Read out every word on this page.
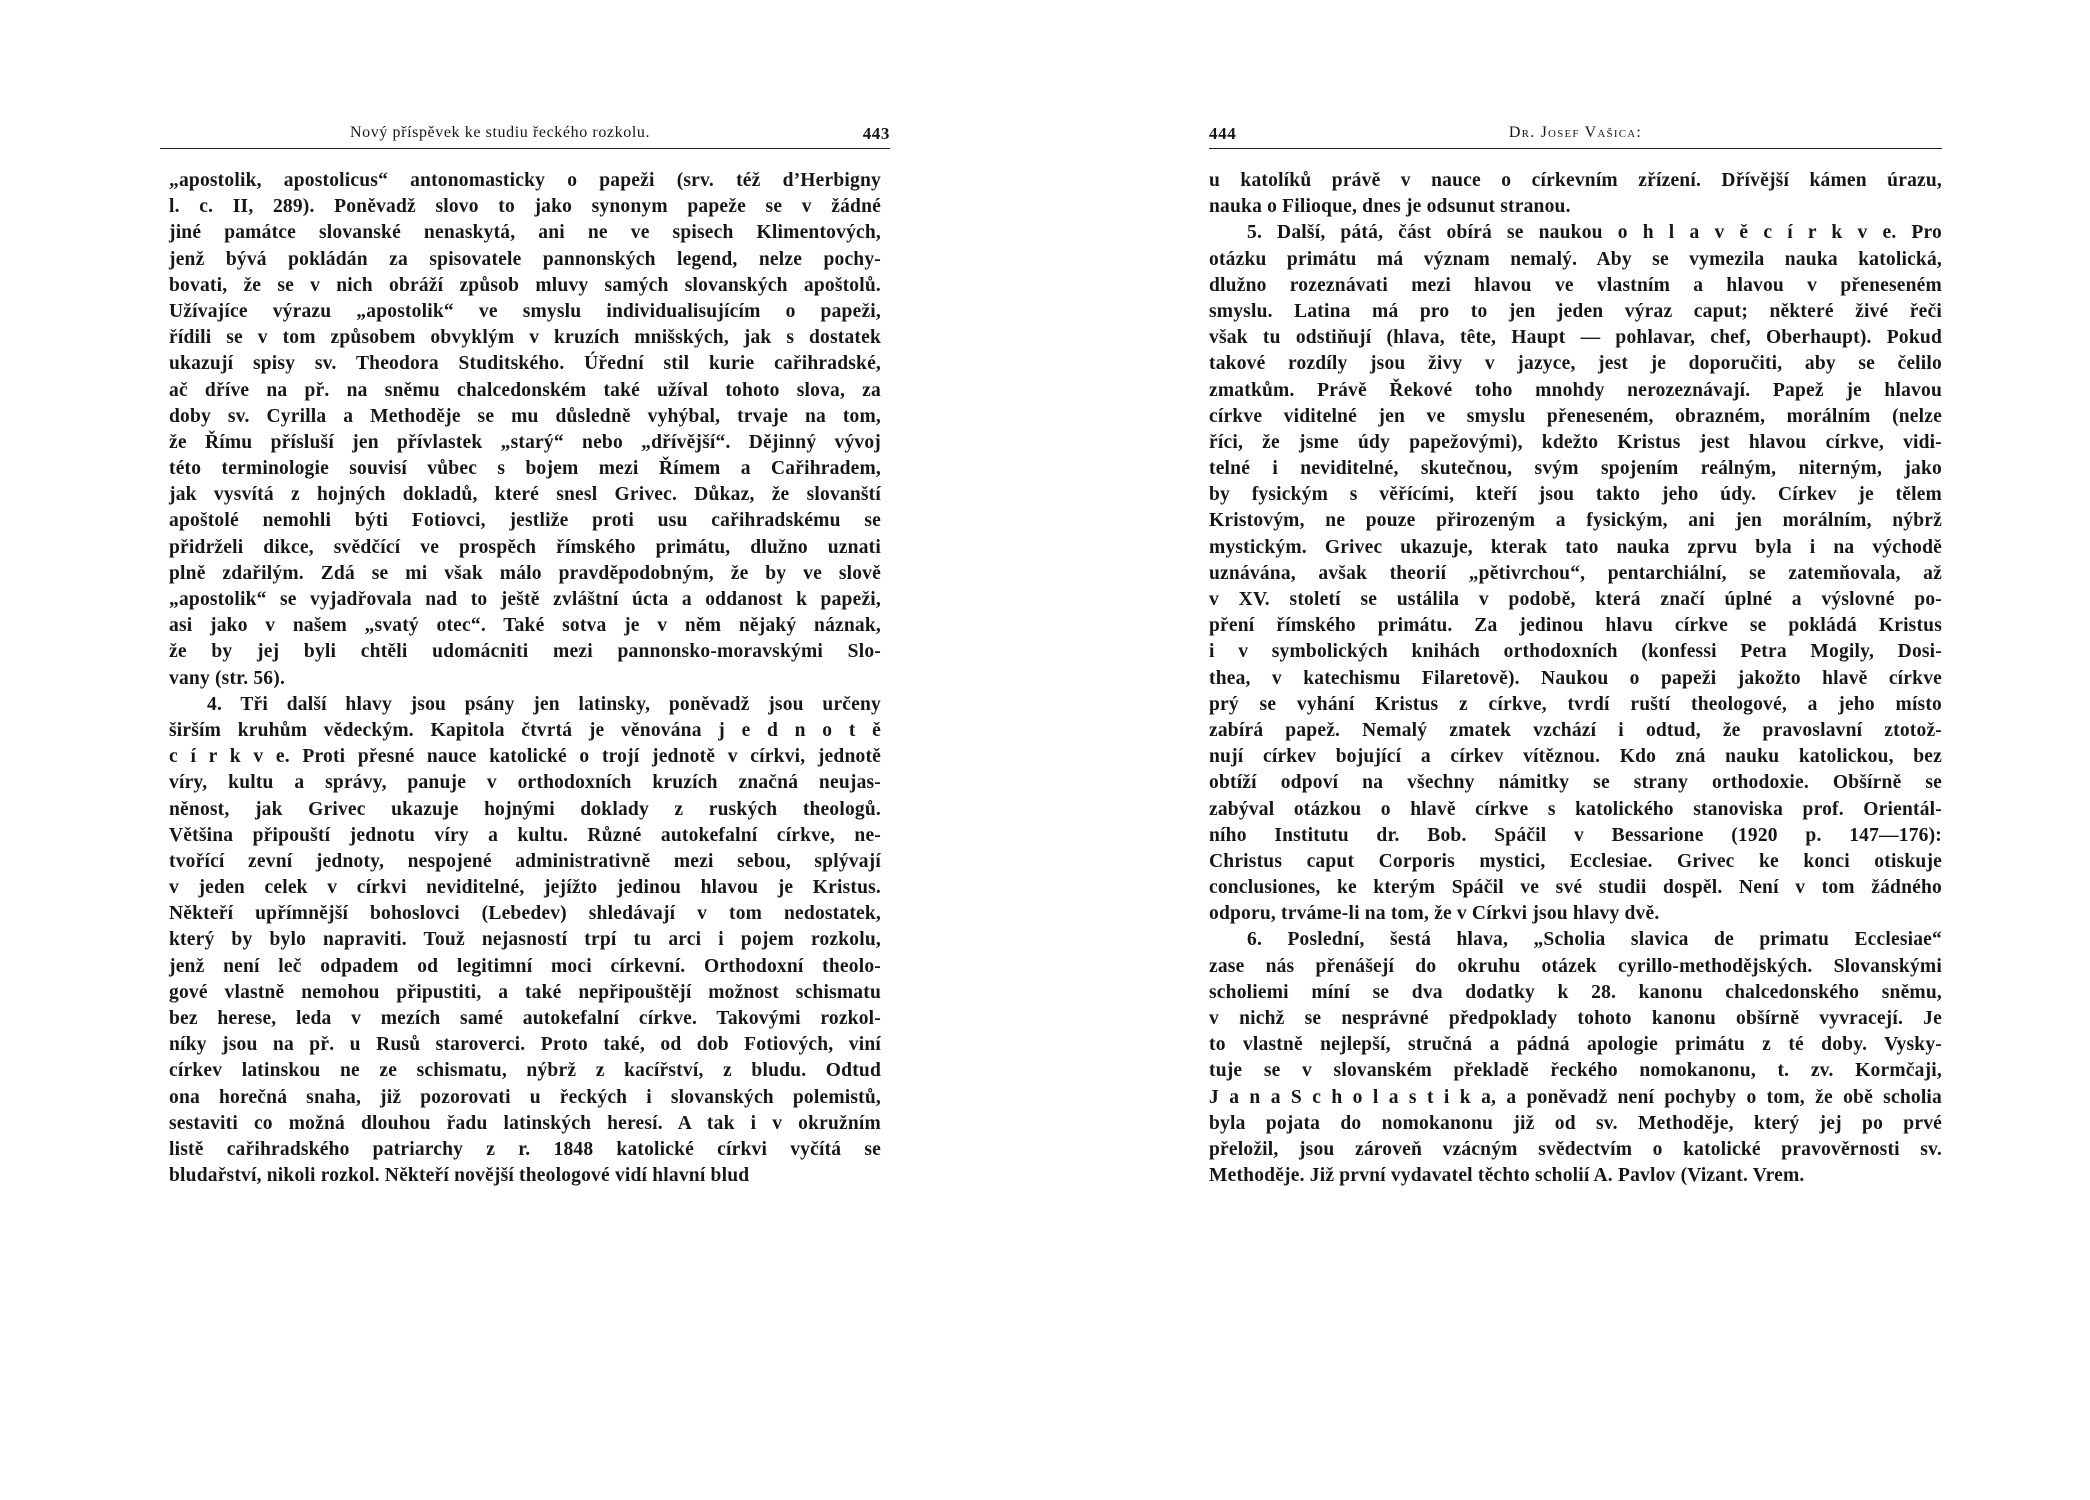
Nový příspěvek ke studiu řeckého rozkolu.	443
„apostolik, apostolicus“ antonomasticky o papeži (srv. též d’Herbigny
l. c. II, 289). Poněvadž slovo to jako synonym papeže se v žádné
jiné památce slovanské nenaskytá, ani ne ve spisech Klimentových,
jenž bývá pokládán za spisovatele pannonských legend, nelze pochy-
bovati, že se v nich obráží způsob mluvy samých slovanských apoštolů.
Užívajíce výrazu „apostolik“ ve smyslu individualisujícím o papeži,
řídili se v tom způsobem obvyklým v kruzích mnišských, jak s dostatek
ukazují spisy sv. Theodora Studitského. Úřední stil kurie cařihradské,
ač dříve na př. na sněmu chalcedonském také užíval tohoto slova, za
doby sv. Cyrilla a Methoděje se mu důsledně vyhýbal, trvaje na tom,
že Římu přísluší jen přívlastek „starý“ nebo „dřívější“. Dějinný vývoj
této terminologie souvisí vůbec s bojem mezi Římem a Cařihradem,
jak vysvítá z hojných dokladů, které snesl Grivec. Důkaz, že slovanští
apoštolé nemohli býti Fotiovci, jestliže proti usu cařihradskému se
přidrželi dikce, svědčící ve prospěch římského primátu, dlužno uznati
plně zdařilým. Zdá se mi však málo pravděpodobným, že by ve slově
„apostolik“ se vyjadřovala nad to ještě zvláštní úcta a oddanost k papeži,
asi jako v našem „svatý otec“. Také sotva je v něm nějaký náznak,
že by jej byli chtěli udomácniti mezi pannonsko-moravskými Slo-
vany (str. 56).
4. Tři další hlavy jsou psány jen latinsky, poněvadž jsou určeny
širším kruhům vědeckým. Kapitola čtvrtá je věnována j e d n o t ě
c í r k v e. Proti přesné nauce katolické o trojí jednotě v církvi, jednotě
víry, kultu a správy, panuje v orthodoxních kruzích značná neujas-
něnost, jak Grivec ukazuje hojnými doklady z ruských theologů.
Většina připouští jednotu víry a kultu. Různé autokefalní církve, ne-
tvořící zevní jednoty, nespojené administrativně mezi sebou, splývají
v jeden celek v církvi neviditelné, jejížto jedinou hlavou je Kristus.
Někteří upřímnější bohoslovci (Lebedev) shledávají v tom nedostatek,
který by bylo napraviti. Touž nejasností trpí tu arci i pojem rozkolu,
jenž není leč odpadem od legitimní moci církevní. Orthodoxní theolo-
gové vlastně nemohou připustiti, a také nepřipouštějí možnost schismatu
bez herese, leda v mezích samé autokefalní církve. Takovými rozkol-
níky jsou na př. u Rusů staroverci. Proto také, od dob Fotiových, viní
církev latinskou ne ze schismatu, nýbrž z kacířství, z bludu. Odtud
ona horečná snaha, již pozorovati u řeckých i slovanských polemistů,
sestaviti co možná dlouhou řadu latinských heresí. A tak i v okružním
listě cařihradského patriarchy z r. 1848 katolické církvi vyčítá se
bludařství, nikoli rozkol. Někteří novější theologové vidí hlavní blud
444	Dr. Josef Vašica:
u katolíků právě v nauce o církevním zřízení. Dřívější kámen úrazu,
nauka o Filioque, dnes je odsunut stranou.
5. Další, pátá, část obírá se naukou o h l a v ě c í r k v e. Pro
otázku primátu má význam nemalý. Aby se vymezila nauka katolická,
dlužno rozeznávati mezi hlavou ve vlastním a hlavou v přeneseném
smyslu. Latina má pro to jen jeden výraz caput; některé živé řeči
však tu odstiňují (hlava, tête, Haupt — pohlavar, chef, Oberhaupt). Pokud
takové rozdíly jsou živy v jazyce, jest je doporučiti, aby se čelilo
zmatkům. Právě Řekové toho mnohdy nerozeznávají. Papež je hlavou
církve viditelné jen ve smyslu přeneseném, obrazném, morálním (nelze
říci, že jsme údy papežovými), kdežto Kristus jest hlavou církve, vidi-
telné i neviditelné, skutečnou, svým spojením reálným, niterným, jako
by fysickým s věřícími, kteří jsou takto jeho údy. Církev je tělem
Kristovým, ne pouze přirozeným a fysickým, ani jen morálním, nýbrž
mystickým. Grivec ukazuje, kterak tato nauka zprvu byla i na východě
uznávána, avšak theorií „pětivrchou“, pentarchiální, se zatemňovala, až
v XV. století se ustálila v podobě, která značí úplné a výslovné po-
pření římského primátu. Za jedinou hlavu církve se pokládá Kristus
i v symbolických knihách orthodoxních (konfessi Petra Mogily, Dosi-
thea, v katechismu Filaretově). Naukou o papeži jakožto hlavě církve
prý se vyhání Kristus z církve, tvrdí ruští theologové, a jeho místo
zabírá papež. Nemalý zmatek vzchází i odtud, že pravoslavní ztotož-
nují církev bojující a církev vítěznou. Kdo zná nauku katolickou, bez
obtíží odpoví na všechny námitky se strany orthodoxie. Obšírně se
zabýval otázkou o hlavě církve s katolického stanoviska prof. Orientál-
ního Institutu dr. Bob. Spáčil v Bessarione (1920 p. 147—176):
Christus caput Corporis mystici, Ecclesiae. Grivec ke konci otiskuje
conclusiones, ke kterým Spáčil ve své studii dospěl. Není v tom žádného
odporu, trváme-li na tom, že v Církvi jsou hlavy dvě.
6. Poslední, šestá hlava, „Scholia slavica de primatu Ecclesiae“
zase nás přenášejí do okruhu otázek cyrillo-methodějských. Slovanskými
scholiemi míní se dva dodatky k 28. kanonu chalcedonského sněmu,
v nichž se nesprávné předpoklady tohoto kanonu obšírně vyvracejí. Je
to vlastně nejlepší, stručná a pádná apologie primátu z té doby. Vysky-
tuje se v slovanském překladě řeckého nomokanonu, t. zv. Kormčaji,
J a n a S c h o l a s t i k a, a poněvadž není pochyby o tom, že obě scholia
byla pojata do nomokanonu již od sv. Methoděje, který jej po prvé
přeložil, jsou zároveň vzácným svědectvím o katolické pravověrnosti sv.
Methoděje. Již první vydavatel těchto scholií A. Pavlov (Vizant. Vrem.
